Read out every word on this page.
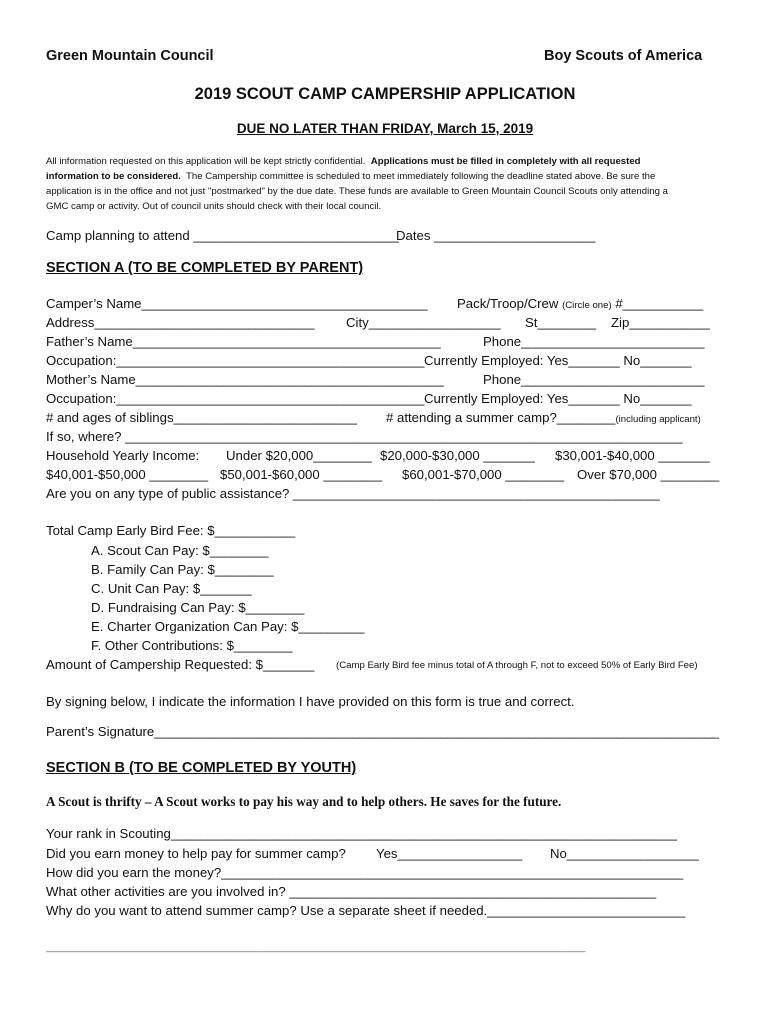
Green Mountain Council	Boy Scouts of America
2019 SCOUT CAMP CAMPERSHIP APPLICATION
DUE NO LATER THAN FRIDAY, March 15, 2019
All information requested on this application will be kept strictly confidential. Applications must be filled in completely with all requested
information to be considered. The Campership committee is scheduled to meet immediately following the deadline stated above. Be sure the
application is in the office and not just "postmarked" by the due date. These funds are available to Green Mountain Council Scouts only attending a
GMC camp or activity. Out of council units should check with their local council.
Camp planning to attend ____________________________
Dates ______________________
SECTION A (TO BE COMPLETED BY PARENT)
Camper’s Name_______________________________________ Pack/Troop/Crew (Circle one) #___________
Address______________________________ City__________________ St________ Zip___________
Father’s Name__________________________________________	Phone_________________________
Occupation:__________________________________________ Currently Employed: Yes_______ No_______
Mother’s Name__________________________________________	Phone_________________________
Occupation:__________________________________________ Currently Employed: Yes_______ No_______
# and ages of siblings_________________________ # attending a summer camp?________(including applicant)
If so, where? ____________________________________________________________________________
Household Yearly Income: Under $20,000________ $20,000-$30,000 _______ $30,001-$40,000 _______
$40,001-$50,000 ________ $50,001-$60,000 ________ $60,001-$70,000 ________ Over $70,000 ________
Are you on any type of public assistance? __________________________________________________
Total Camp Early Bird Fee: $___________
A. Scout Can Pay: $________
B. Family Can Pay: $________
C. Unit Can Pay: $_______
D. Fundraising Can Pay: $________
E. Charter Organization Can Pay: $_________
F. Other Contributions: $________
Amount of Campership Requested: $_______ (Camp Early Bird fee minus total of A through F, not to exceed 50% of Early Bird Fee)
By signing below, I indicate the information I have provided on this form is true and correct.
Parent’s Signature_____________________________________________________________________________
SECTION B (TO BE COMPLETED BY YOUTH)
A Scout is thrifty – A Scout works to pay his way and to help others. He saves for the future.
Your rank in Scouting_____________________________________________________________________
Did you earn money to help pay for summer camp? Yes_________________ No__________________
How did you earn the money?_______________________________________________________________
What other activities are you involved in? __________________________________________________
Why do you want to attend summer camp? Use a separate sheet if needed.___________________________
_________________________________________________________________________________________________________
